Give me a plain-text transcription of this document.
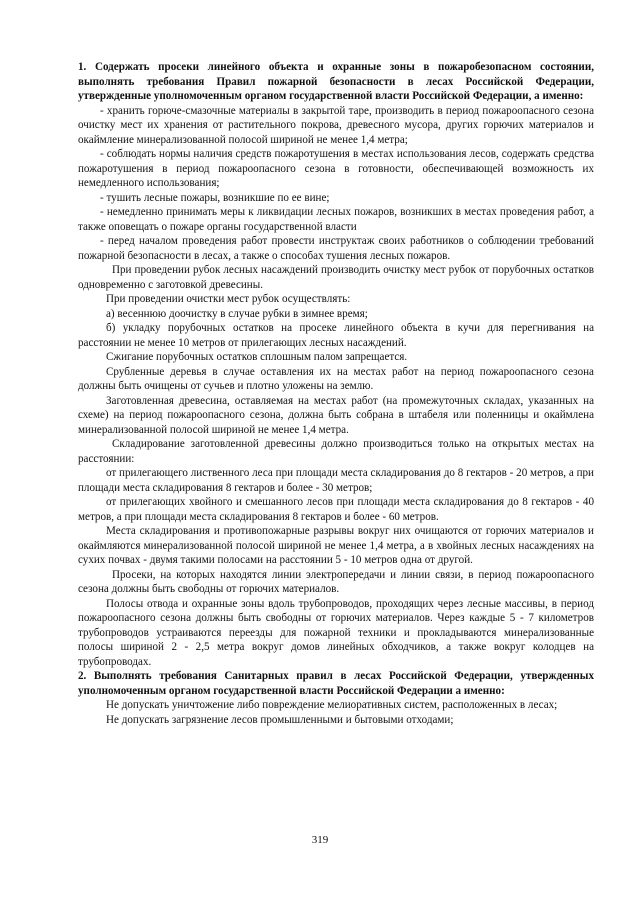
1. Содержать просеки линейного объекта и охранные зоны в пожаробезопасном состоянии, выполнять требования Правил пожарной безопасности в лесах Российской Федерации, утвержденные уполномоченным органом государственной власти Российской Федерации, а именно:

- хранить горюче-смазочные материалы в закрытой таре, производить в период пожароопасного сезона очистку мест их хранения от растительного покрова, древесного мусора, других горючих материалов и окаймление минерализованной полосой шириной не менее 1,4 метра;

- соблюдать нормы наличия средств пожаротушения в местах использования лесов, содержать средства пожаротушения в период пожароопасного сезона в готовности, обеспечивающей возможность их немедленного использования;

- тушить лесные пожары, возникшие по ее вине;

- немедленно принимать меры к ликвидации лесных пожаров, возникших в местах проведения работ, а также оповещать о пожаре органы государственной власти

- перед началом проведения работ провести инструктаж своих работников о соблюдении требований пожарной безопасности в лесах, а также о способах тушения лесных пожаров.

При проведении рубок лесных насаждений производить очистку мест рубок от порубочных остатков одновременно с заготовкой древесины.

При проведении очистки мест рубок осуществлять:

а) весеннюю доочистку в случае рубки в зимнее время;

б) укладку порубочных остатков на просеке линейного объекта в кучи для перегнивания на расстоянии не менее 10 метров от прилегающих лесных насаждений.

Сжигание порубочных остатков сплошным палом запрещается.

Срубленные деревья в случае оставления их на местах работ на период пожароопасного сезона должны быть очищены от сучьев и плотно уложены на землю.

Заготовленная древесина, оставляемая на местах работ (на промежуточных складах, указанных на схеме) на период пожароопасного сезона, должна быть собрана в штабеля или поленницы и окаймлена минерализованной полосой шириной не менее 1,4 метра.

Складирование заготовленной древесины должно производиться только на открытых местах на расстоянии:

от прилегающего лиственного леса при площади места складирования до 8 гектаров - 20 метров, а при площади места складирования 8 гектаров и более - 30 метров;

от прилегающих хвойного и смешанного лесов при площади места складирования до 8 гектаров - 40 метров, а при площади места складирования 8 гектаров и более - 60 метров.

Места складирования и противопожарные разрывы вокруг них очищаются от горючих материалов и окаймляются минерализованной полосой шириной не менее 1,4 метра, а в хвойных лесных насаждениях на сухих почвах - двумя такими полосами на расстоянии 5 - 10 метров одна от другой.

Просеки, на которых находятся линии электропередачи и линии связи, в период пожароопасного сезона должны быть свободны от горючих материалов.

Полосы отвода и охранные зоны вдоль трубопроводов, проходящих через лесные массивы, в период пожароопасного сезона должны быть свободны от горючих материалов. Через каждые 5 - 7 километров трубопроводов устраиваются переезды для пожарной техники и прокладываются минерализованные полосы шириной 2 - 2,5 метра вокруг домов линейных обходчиков, а также вокруг колодцев на трубопроводах.

2. Выполнять требования Санитарных правил в лесах Российской Федерации, утвержденных уполномоченным органом государственной власти Российской Федерации а именно:

Не допускать уничтожение либо повреждение мелиоративных систем, расположенных в лесах;

Не допускать загрязнение лесов промышленными и бытовыми отходами;

319
